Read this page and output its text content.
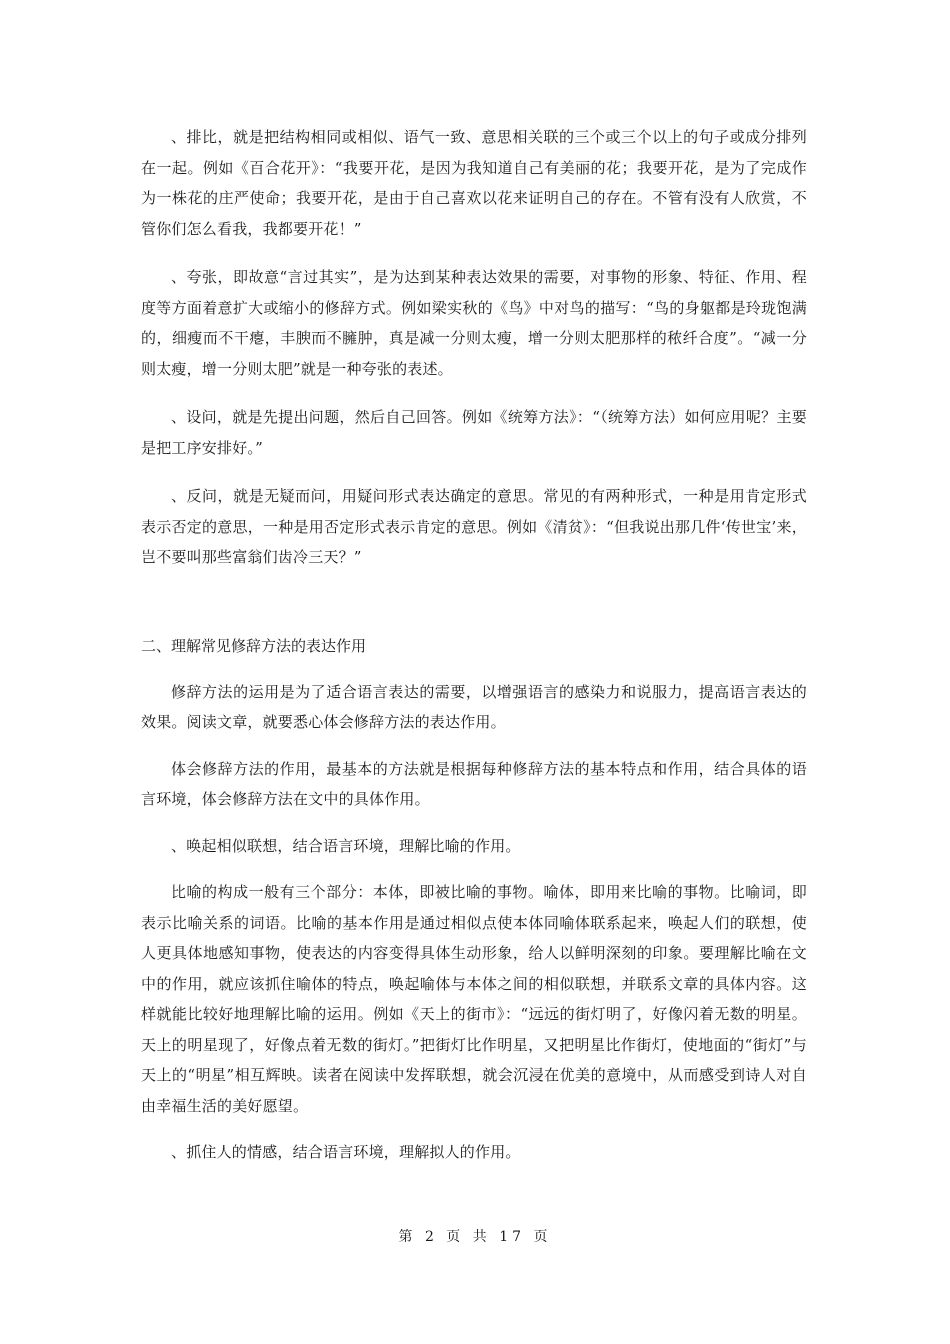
、排比，就是把结构相同或相似、语气一致、意思相关联的三个或三个以上的句子或成分排列在一起。例如《百合花开》：“我要开花，是因为我知道自己有美丽的花；我要开花，是为了完成作为一株花的庄严使命；我要开花，是由于自己喜欢以花来证明自己的存在。不管有没有人欣赏，不管你们怎么看我，我都要开花！”

、夸张，即故意“言过其实”，是为达到某种表达效果的需要，对事物的形象、特征、作用、程度等方面着意扩大或缩小的修辞方式。例如梁实秋的《鸟》中对鸟的描写：“鸟的身躯都是玲珑饱满的，细瘦而不干瘪，丰腴而不臃肿，真是减一分则太瘦，增一分则太肥那样的秾纤合度”。“减一分则太瘦，增一分则太肥”就是一种夸张的表述。

、设问，就是先提出问题，然后自己回答。例如《统筹方法》：“（统筹方法）如何应用呢？主要是把工序安排好。”

、反问，就是无疑而问，用疑问形式表达确定的意思。常见的有两种形式，一种是用肯定形式表示否定的意思，一种是用否定形式表示肯定的意思。例如《清贫》：“但我说出那几件‘传世宝’来，岂不要叫那些富翁们齿冷三天？”

二、理解常见修辞方法的表达作用

修辞方法的运用是为了适合语言表达的需要，以增强语言的感染力和说服力，提高语言表达的效果。阅读文章，就要悉心体会修辞方法的表达作用。

体会修辞方法的作用，最基本的方法就是根据每种修辞方法的基本特点和作用，结合具体的语言环境，体会修辞方法在文中的具体作用。

、唤起相似联想，结合语言环境，理解比喻的作用。

比喻的构成一般有三个部分：本体，即被比喻的事物。喻体，即用来比喻的事物。比喻词，即表示比喻关系的词语。比喻的基本作用是通过相似点使本体同喻体联系起来，唤起人们的联想，使人更具体地感知事物，使表达的内容变得具体生动形象，给人以鲜明深刻的印象。要理解比喻在文中的作用，就应该抓住喻体的特点，唤起喻体与本体之间的相似联想，并联系文章的具体内容。这样就能比较好地理解比喻的运用。例如《天上的街市》：“远远的街灯明了，好像闪着无数的明星。天上的明星现了，好像点着无数的街灯。”把街灯比作明星，又把明星比作街灯，使地面的“街灯”与天上的“明星”相互辉映。读者在阅读中发挥联想，就会沉浸在优美的意境中，从而感受到诗人对自由幸福生活的美好愿望。

、抓住人的情感，结合语言环境，理解拟人的作用。

第 2 页 共 17 页
